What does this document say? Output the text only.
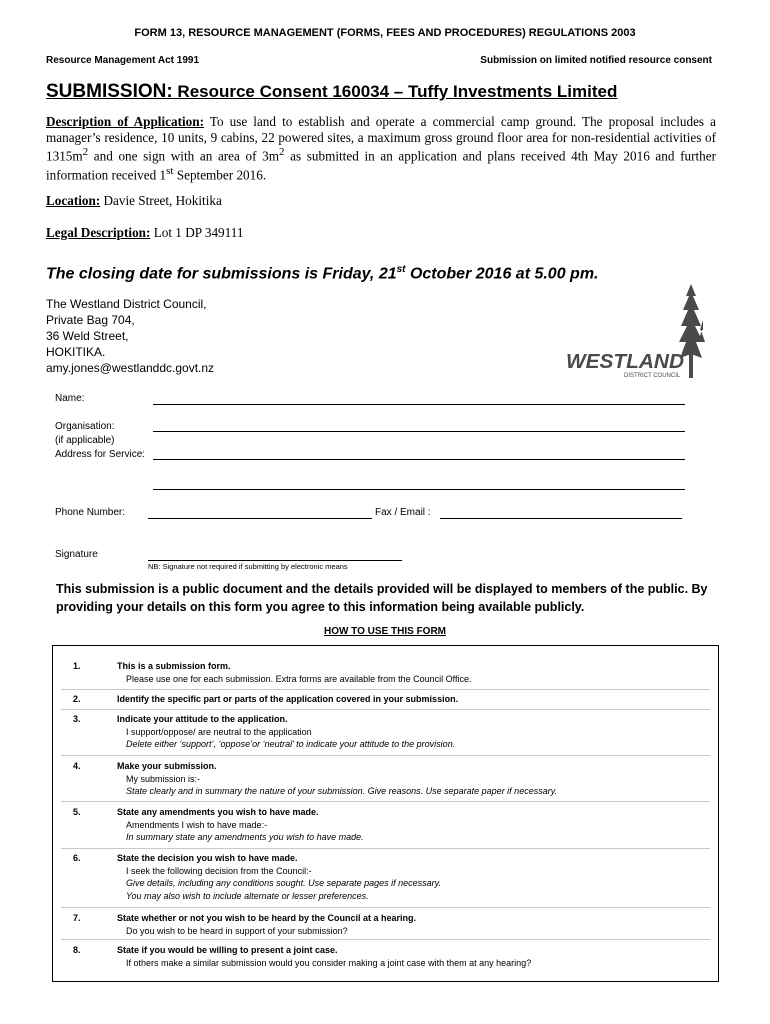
FORM 13, RESOURCE MANAGEMENT (FORMS, FEES AND PROCEDURES) REGULATIONS 2003
Resource Management Act 1991	Submission on limited notified resource consent
SUBMISSION: Resource Consent 160034 – Tuffy Investments Limited
Description of Application: To use land to establish and operate a commercial camp ground. The proposal includes a manager’s residence, 10 units, 9 cabins, 22 powered sites, a maximum gross ground floor area for non-residential activities of $1315m^2$ and one sign with an area of $3m^2$ as submitted in an application and plans received 4th May 2016 and further information received 1st September 2016.
Location: Davie Street, Hokitika
Legal Description: Lot 1 DP 349111
The closing date for submissions is Friday, 21st October 2016 at 5.00 pm.
The Westland District Council,
Private Bag 704,
36 Weld Street,
HOKITIKA.
amy.jones@westlanddc.govt.nz	WESTLAND
DISTRICT COUNCIL
Name:
Organisation:
(if applicable)
Address for Service:
Phone Number:	Fax / Email :
Signature
NB: Signature not required if submitting by electronic means
This submission is a public document and the details provided will be displayed to members of the public. By providing your details on this form you agree to this information being available publicly.
HOW TO USE THIS FORM
1.	This is a submission form.
Please use one for each submission. Extra forms are available from the Council Office.
2.	Identify the specific part or parts of the application covered in your submission.
3.	Indicate your attitude to the application.
I support/oppose/ are neutral to the application
Delete either ‘support’, ‘oppose’or ‘neutral’ to indicate your attitude to the provision.
4.	Make your submission.
My submission is:-
State clearly and in summary the nature of your submission. Give reasons. Use separate paper if necessary.
5.	State any amendments you wish to have made.
Amendments I wish to have made:-
In summary state any amendments you wish to have made.
6.	State the decision you wish to have made.
I seek the following decision from the Council:-
Give details, including any conditions sought. Use separate pages if necessary.
You may also wish to include alternate or lesser preferences.
7.	State whether or not you wish to be heard by the Council at a hearing.
Do you wish to be heard in support of your submission?
8.	State if you would be willing to present a joint case.
If others make a similar submission would you consider making a joint case with them at any hearing?
